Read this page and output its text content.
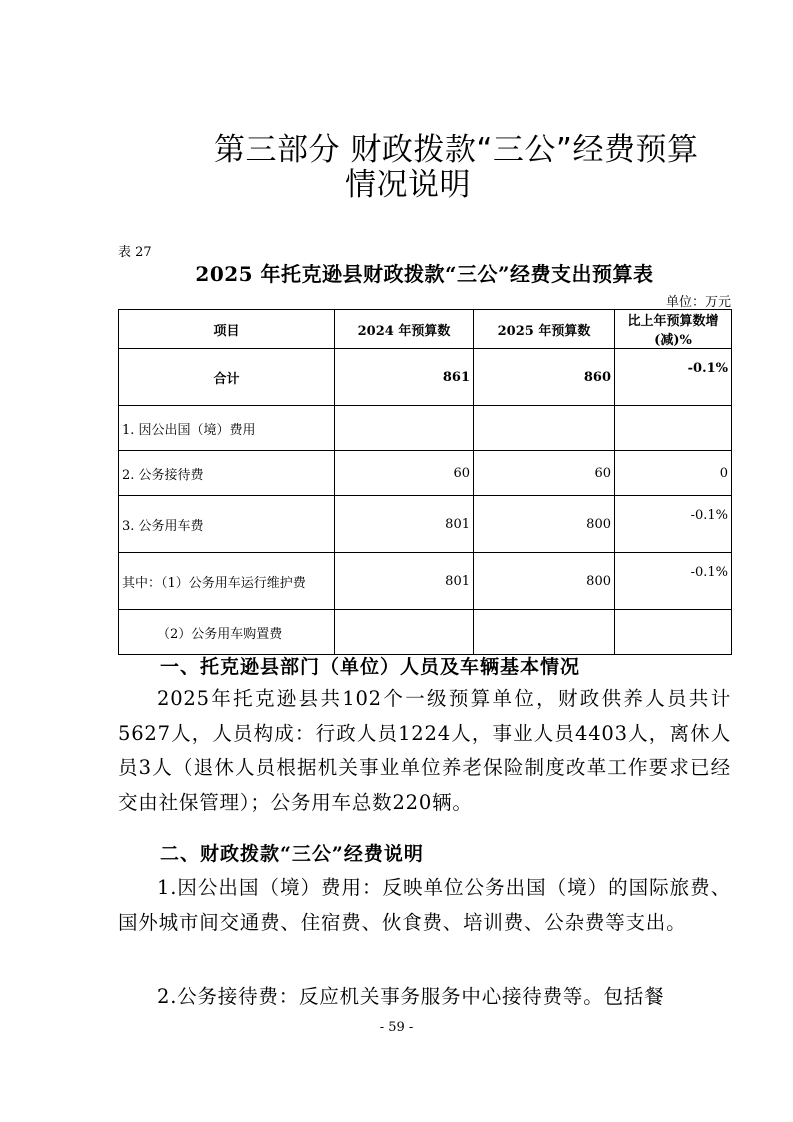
第三部分 财政拨款“三公”经费预算
情况说明
表 27
2025 年托克逊县财政拨款“三公”经费支出预算表
单位：万元
项目	2024 年预算数	2025 年预算数	比上年预算数增(减)%
合计	861	860	-0.1%
1. 因公出国（境）费用			
2. 公务接待费	60	60	0
3. 公务用车费	801	800	-0.1%
其中：（1）公务用车运行维护费	801	800	-0.1%
（2）公务用车购置费			
一、托克逊县部门（单位）人员及车辆基本情况
2025年托克逊县共102个一级预算单位，财政供养人员共计5627人，人员构成：行政人员1224人，事业人员4403人，离休人员3人（退休人员根据机关事业单位养老保险制度改革工作要求已经交由社保管理）；公务用车总数220辆。
二、财政拨款“三公”经费说明
1.因公出国（境）费用：反映单位公务出国（境）的国际旅费、国外城市间交通费、住宿费、伙食费、培训费、公杂费等支出。
2.公务接待费：反应机关事务服务中心接待费等。包括餐
- 59 -
